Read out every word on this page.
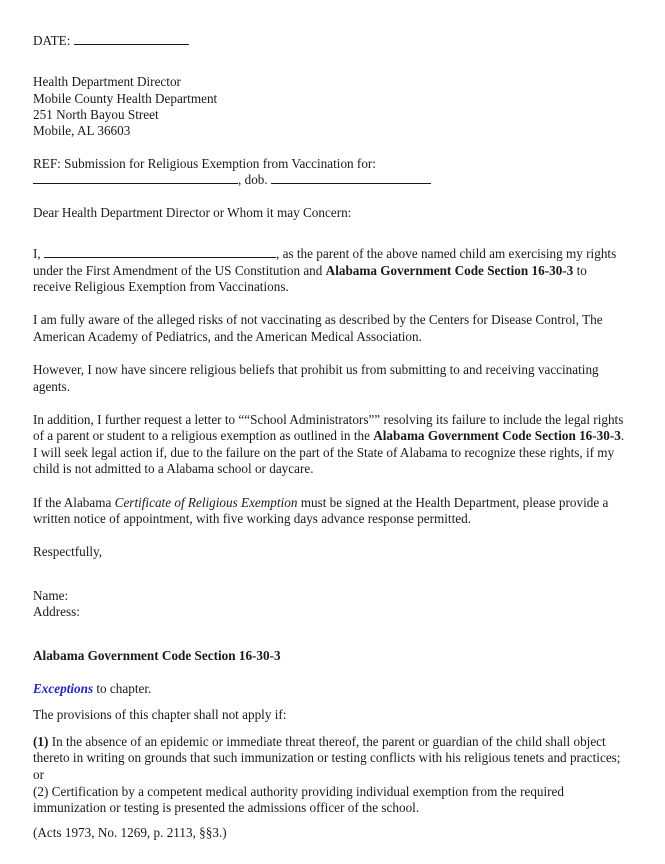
DATE:

Health Department Director

Mobile County Health Department

251 North Bayou Street

Mobile, AL 36603

REF: Submission for Religious Exemption from Vaccination for:

, dob.

Dear Health Department Director or Whom it may Concern:

I,	, as the parent of the above named child am exercising my rights under the First Amendment of the US Constitution and Alabama Government Code Section 16-30-3 to receive Religious Exemption from Vaccinations.

I am fully aware of the alleged risks of not vaccinating as described by the Centers for Disease Control, The American Academy of Pediatrics, and the American Medical Association.

However, I now have sincere religious beliefs that prohibit us from submitting to and receiving vaccinating agents.

In addition, I further request a letter to ““School Administrators”” resolving its failure to include the legal rights of a parent or student to a religious exemption as outlined in the Alabama Government Code Section 16-30-3. I will seek legal action if, due to the failure on the part of the State of Alabama to recognize these rights, if my child is not admitted to a Alabama school or daycare.

If the Alabama Certificate of Religious Exemption must be signed at the Health Department, please provide a written notice of appointment, with five working days advance response permitted.

Respectfully,

Name:

Address:

Alabama Government Code Section 16-30-3

Exceptions to chapter.

The provisions of this chapter shall not apply if:

(1) In the absence of an epidemic or immediate threat thereof, the parent or guardian of the child shall object thereto in writing on grounds that such immunization or testing conflicts with his religious tenets and practices; or

(2) Certification by a competent medical authority providing individual exemption from the required immunization or testing is presented the admissions officer of the school.

(Acts 1973, No. 1269, p. 2113, §§3.)
